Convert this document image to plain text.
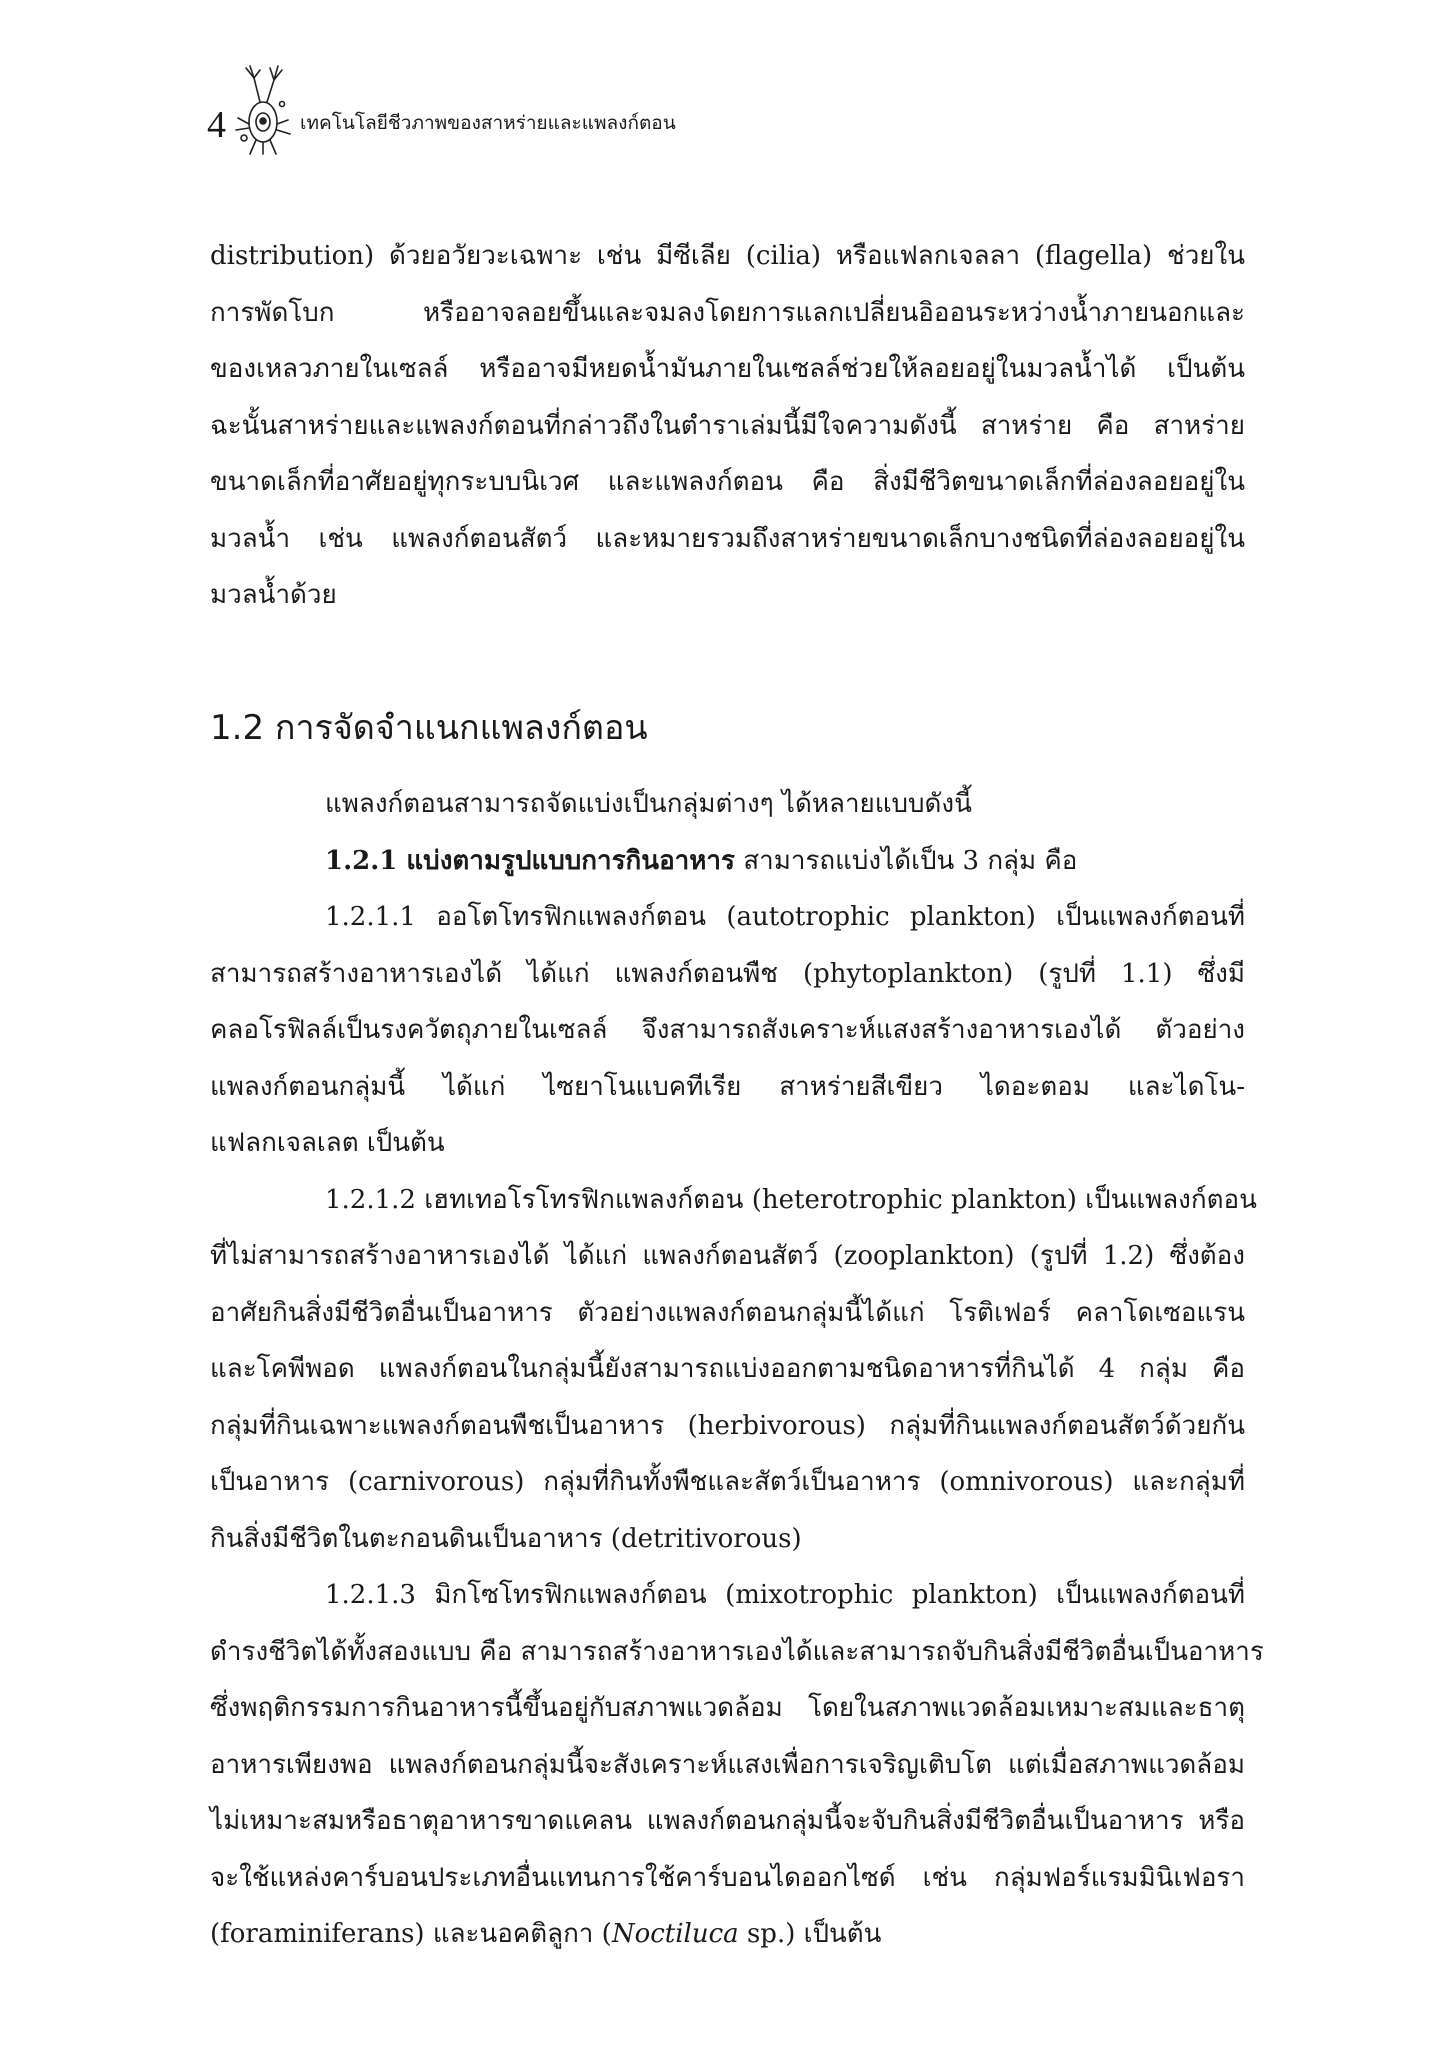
4	เทคโนโลยีชีวภาพของสาหร่ายและแพลงก์ตอน

distribution) ด้วยอวัยวะเฉพาะ เช่น มีซีเลีย (cilia) หรือแฟลกเจลลา (flagella) ช่วยใน
การพัดโบก หรืออาจลอยขึ้นและจมลงโดยการแลกเปลี่ยนอิออนระหว่างน้ำภายนอกและ
ของเหลวภายในเซลล์ หรืออาจมีหยดน้ำมันภายในเซลล์ช่วยให้ลอยอยู่ในมวลน้ำได้ เป็นต้น
ฉะนั้นสาหร่ายและแพลงก์ตอนที่กล่าวถึงในตำราเล่มนี้มีใจความดังนี้ สาหร่าย คือ สาหร่าย
ขนาดเล็กที่อาศัยอยู่ทุกระบบนิเวศ และแพลงก์ตอน คือ สิ่งมีชีวิตขนาดเล็กที่ล่องลอยอยู่ใน
มวลน้ำ เช่น แพลงก์ตอนสัตว์ และหมายรวมถึงสาหร่ายขนาดเล็กบางชนิดที่ล่องลอยอยู่ใน
มวลน้ำด้วย

1.2 การจัดจำแนกแพลงก์ตอน

แพลงก์ตอนสามารถจัดแบ่งเป็นกลุ่มต่างๆ ได้หลายแบบดังนี้
1.2.1 แบ่งตามรูปแบบการกินอาหาร สามารถแบ่งได้เป็น 3 กลุ่ม คือ

1.2.1.1 ออโตโทรฟิกแพลงก์ตอน (autotrophic plankton) เป็นแพลงก์ตอนที่
สามารถสร้างอาหารเองได้ ได้แก่ แพลงก์ตอนพืช (phytoplankton) (รูปที่ 1.1) ซึ่งมี
คลอโรฟิลล์เป็นรงควัตถุภายในเซลล์ จึงสามารถสังเคราะห์แสงสร้างอาหารเองได้ ตัวอย่าง
แพลงก์ตอนกลุ่มนี้ ได้แก่ ไซยาโนแบคทีเรีย สาหร่ายสีเขียว ไดอะตอม และไดโน-
แฟลกเจลเลต เป็นต้น

1.2.1.2 เฮทเทอโรโทรฟิกแพลงก์ตอน (heterotrophic plankton) เป็นแพลงก์ตอน
ที่ไม่สามารถสร้างอาหารเองได้ ได้แก่ แพลงก์ตอนสัตว์ (zooplankton) (รูปที่ 1.2) ซึ่งต้อง
อาศัยกินสิ่งมีชีวิตอื่นเป็นอาหาร ตัวอย่างแพลงก์ตอนกลุ่มนี้ได้แก่ โรติเฟอร์ คลาโดเซอแรน
และโคพีพอด แพลงก์ตอนในกลุ่มนี้ยังสามารถแบ่งออกตามชนิดอาหารที่กินได้ 4 กลุ่ม คือ
กลุ่มที่กินเฉพาะแพลงก์ตอนพืชเป็นอาหาร (herbivorous) กลุ่มที่กินแพลงก์ตอนสัตว์ด้วยกัน
เป็นอาหาร (carnivorous) กลุ่มที่กินทั้งพืชและสัตว์เป็นอาหาร (omnivorous) และกลุ่มที่
กินสิ่งมีชีวิตในตะกอนดินเป็นอาหาร (detritivorous)

1.2.1.3 มิกโซโทรฟิกแพลงก์ตอน (mixotrophic plankton) เป็นแพลงก์ตอนที่
ดำรงชีวิตได้ทั้งสองแบบ คือ สามารถสร้างอาหารเองได้และสามารถจับกินสิ่งมีชีวิตอื่นเป็นอาหาร
ซึ่งพฤติกรรมการกินอาหารนี้ขึ้นอยู่กับสภาพแวดล้อม โดยในสภาพแวดล้อมเหมาะสมและธาตุ
อาหารเพียงพอ แพลงก์ตอนกลุ่มนี้จะสังเคราะห์แสงเพื่อการเจริญเติบโต แต่เมื่อสภาพแวดล้อม
ไม่เหมาะสมหรือธาตุอาหารขาดแคลน แพลงก์ตอนกลุ่มนี้จะจับกินสิ่งมีชีวิตอื่นเป็นอาหาร หรือ
จะใช้แหล่งคาร์บอนประเภทอื่นแทนการใช้คาร์บอนไดออกไซด์ เช่น กลุ่มฟอร์แรมมินิเฟอรา
(foraminiferans) และนอคติลูกา (Noctiluca sp.) เป็นต้น
